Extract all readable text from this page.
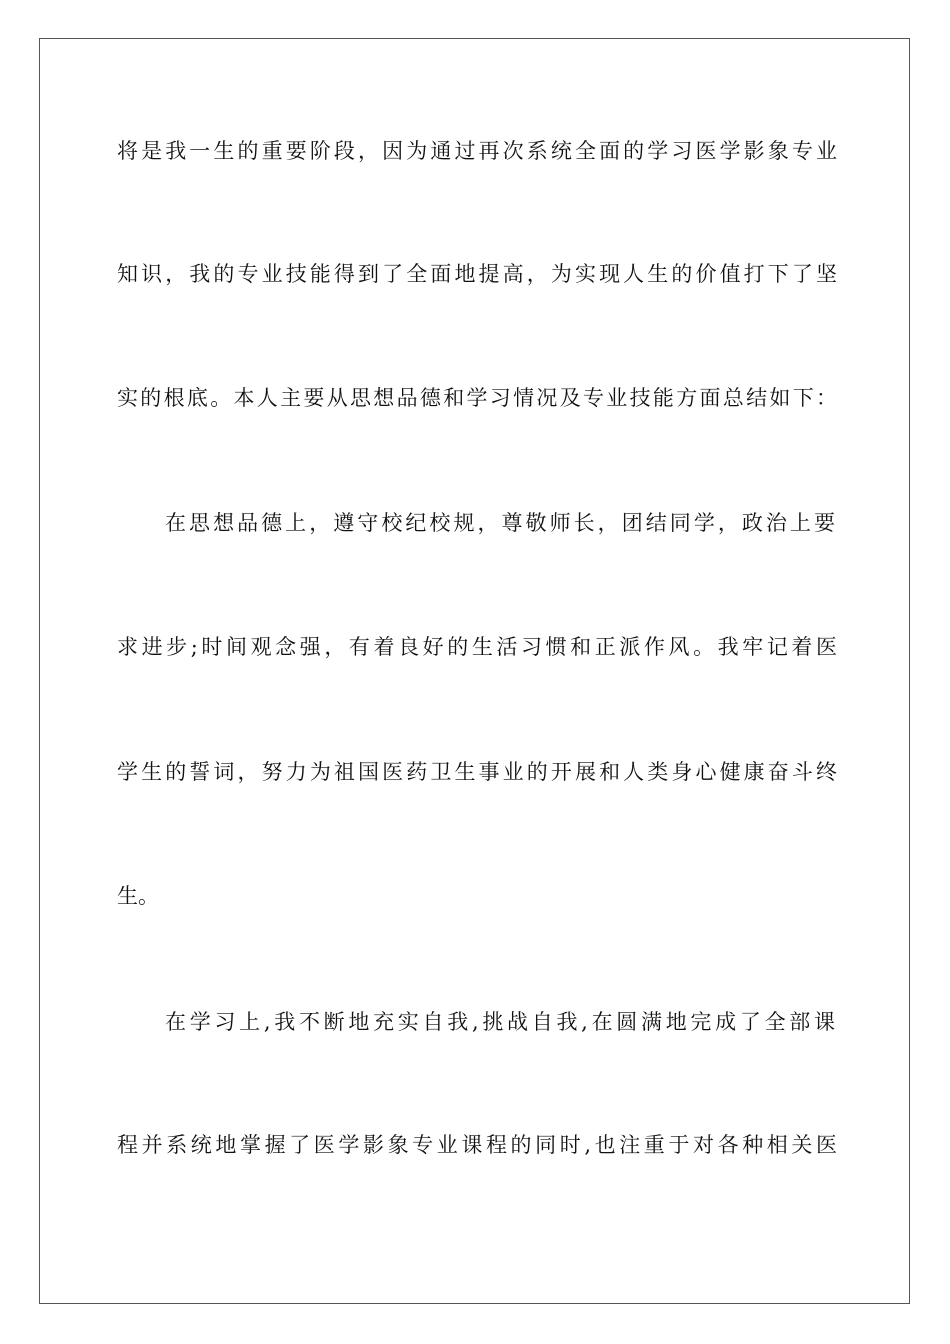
将是我一生的重要阶段，因为通过再次系统全面的学习医学影象专业
知识，我的专业技能得到了全面地提高，为实现人生的价值打下了坚
实的根底。本人主要从思想品德和学习情况及专业技能方面总结如下：
在思想品德上，遵守校纪校规，尊敬师长，团结同学，政治上要
求进步;时间观念强，有着良好的生活习惯和正派作风。我牢记着医
学生的誓词，努力为祖国医药卫生事业的开展和人类身心健康奋斗终
生。
在学习上,我不断地充实自我,挑战自我,在圆满地完成了全部课
程并系统地掌握了医学影象专业课程的同时,也注重于对各种相关医
